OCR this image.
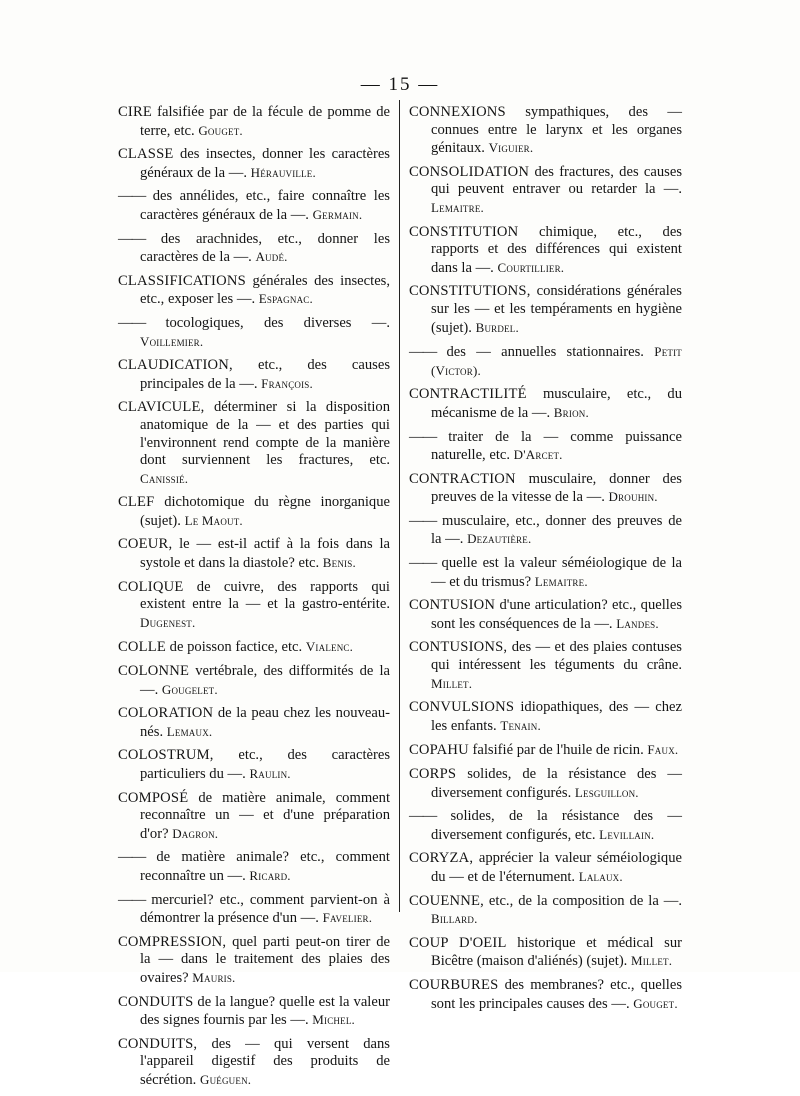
— 15 —

CIRE falsifiée par de la fécule de pomme de terre, etc. Gouget.

CLASSE des insectes, donner les caractères généraux de la —. Hérauville.

—— des annélides, etc., faire connaître les caractères généraux de la —. Germain.

—— des arachnides, etc., donner les caractères de la —. Audé.

CLASSIFICATIONS générales des insectes, etc., exposer les —. Espagnac.

—— tocologiques, des diverses —. Voillemier.

CLAUDICATION, etc., des causes principales de la —. François.

CLAVICULE, déterminer si la disposition anatomique de la — et des parties qui l'environnent rend compte de la manière dont surviennent les fractures, etc. Canissié.

CLEF dichotomique du règne inorganique (sujet). Le Maout.

COEUR, le — est-il actif à la fois dans la systole et dans la diastole? etc. Benis.

COLIQUE de cuivre, des rapports qui existent entre la — et la gastro-entérite. Dugenest.

COLLE de poisson factice, etc. Vialenc.

COLONNE vertébrale, des difformités de la —. Gougelet.

COLORATION de la peau chez les nouveau-nés. Lemaux.

COLOSTRUM, etc., des caractères particuliers du —. Raulin.

COMPOSÉ de matière animale, comment reconnaître un — et d'une préparation d'or? Dagron.

—— de matière animale? etc., comment reconnaître un —. Ricard.

—— mercuriel? etc., comment parvient-on à démontrer la présence d'un —. Favelier.

COMPRESSION, quel parti peut-on tirer de la — dans le traitement des plaies des ovaires? Mauris.

CONDUITS de la langue? quelle est la valeur des signes fournis par les —. Michel.

CONDUITS, des — qui versent dans l'appareil digestif des produits de sécrétion. Guéguen.

CONNEXIONS sympathiques, des — connues entre le larynx et les organes génitaux. Viguier.

CONSOLIDATION des fractures, des causes qui peuvent entraver ou retarder la —. Lemaitre.

CONSTITUTION chimique, etc., des rapports et des différences qui existent dans la —. Courtillier.

CONSTITUTIONS, considérations générales sur les — et les tempéraments en hygiène (sujet). Burdel.

—— des — annuelles stationnaires. Petit (Victor).

CONTRACTILITÉ musculaire, etc., du mécanisme de la —. Brion.

—— traiter de la — comme puissance naturelle, etc. D'Arcet.

CONTRACTION musculaire, donner des preuves de la vitesse de la —. Drouhin.

—— musculaire, etc., donner des preuves de la —. Dezautière.

—— quelle est la valeur séméiologique de la — et du trismus? Lemaitre.

CONTUSION d'une articulation? etc., quelles sont les conséquences de la —. Landes.

CONTUSIONS, des — et des plaies contuses qui intéressent les téguments du crâne. Millet.

CONVULSIONS idiopathiques, des — chez les enfants. Tenain.

COPAHU falsifié par de l'huile de ricin. Faux.

CORPS solides, de la résistance des — diversement configurés. Lesguillon.

—— solides, de la résistance des — diversement configurés, etc. Levillain.

CORYZA, apprécier la valeur séméiologique du — et de l'éternument. Lalaux.

COUENNE, etc., de la composition de la —. Billard.

COUP D'OEIL historique et médical sur Bicêtre (maison d'aliénés) (sujet). Millet.

COURBURES des membranes? etc., quelles sont les principales causes des —. Gouget.
